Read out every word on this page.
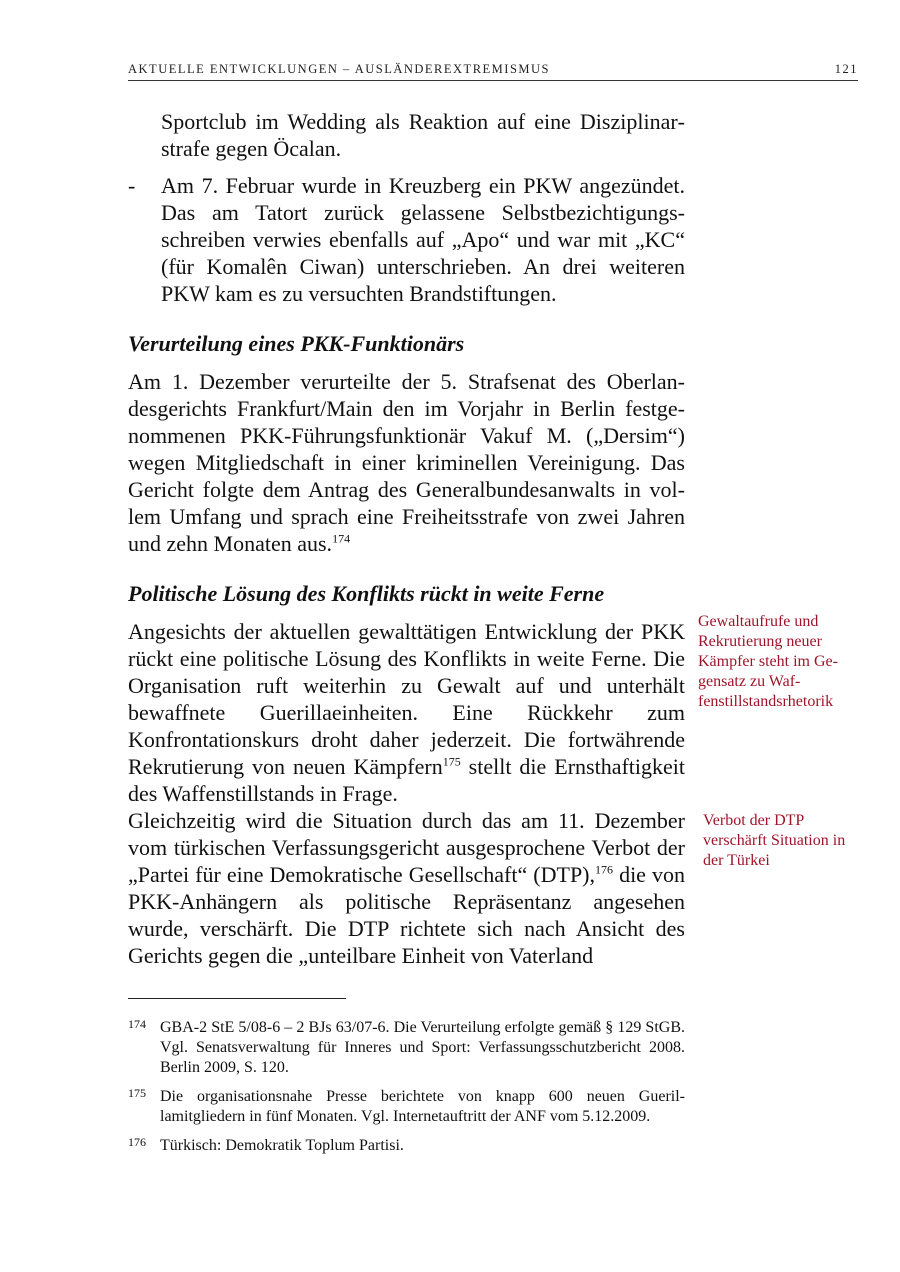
AKTUELLE ENTWICKLUNGEN – AUSLÄNDEREXTREMISMUS	121
Sportclub im Wedding als Reaktion auf eine Disziplinarstrafe gegen Öcalan.
- Am 7. Februar wurde in Kreuzberg ein PKW angezündet. Das am Tatort zurück gelassene Selbstbezichtigungsschreiben verwies ebenfalls auf „Apo“ und war mit „KC“ (für Komalên Ciwan) unterschrieben. An drei weiteren PKW kam es zu versuchten Brandstiftungen.
Verurteilung eines PKK-Funktionärs

Am 1. Dezember verurteilte der 5. Strafsenat des Oberlandesgerichts Frankfurt/Main den im Vorjahr in Berlin festgenommenen PKK-Führungsfunktionär Vakuf M. („Dersim“) wegen Mitgliedschaft in einer kriminellen Vereinigung. Das Gericht folgte dem Antrag des Generalbundesanwalts in vollem Umfang und sprach eine Freiheitsstrafe von zwei Jahren und zehn Monaten aus.$^{174}$

Politische Lösung des Konflikts rückt in weite Ferne

Angesichts der aktuellen gewalttätigen Entwicklung der PKK rückt eine politische Lösung des Konflikts in weite Ferne. Die Organisation ruft weiterhin zu Gewalt auf und unterhält bewaffnete Guerillaeinheiten. Eine Rückkehr zum Konfrontationskurs droht daher jederzeit. Die fortwährende Rekrutierung von neuen Kämpfern$^{175}$ stellt die Ernsthaftigkeit des Waffenstillstands in Frage.

Gleichzeitig wird die Situation durch das am 11. Dezember vom türkischen Verfassungsgericht ausgesprochene Verbot der „Partei für eine Demokratische Gesellschaft“ (DTP),$^{176}$ die von PKK-Anhängern als politische Repräsentanz angesehen wurde, verschärft. Die DTP richtete sich nach Ansicht des Gerichts gegen die „unteilbare Einheit von Vaterland

Gewaltaufrufe und Rekrutierung neuer Kämpfer steht im Gegensatz zu Waffenstillstandsrhetorik
Verbot der DTP verschärft Situation in der Türkei
174 GBA-2 StE 5/08-6 – 2 BJs 63/07-6. Die Verurteilung erfolgte gemäß § 129 StGB. Vgl. Senatsverwaltung für Inneres und Sport: Verfassungsschutzbericht 2008. Berlin 2009, S. 120.
175 Die organisationsnahe Presse berichtete von knapp 600 neuen Guerillamitgliedern in fünf Monaten. Vgl. Internetauftritt der ANF vom 5.12.2009.
176 Türkisch: Demokratik Toplum Partisi.
